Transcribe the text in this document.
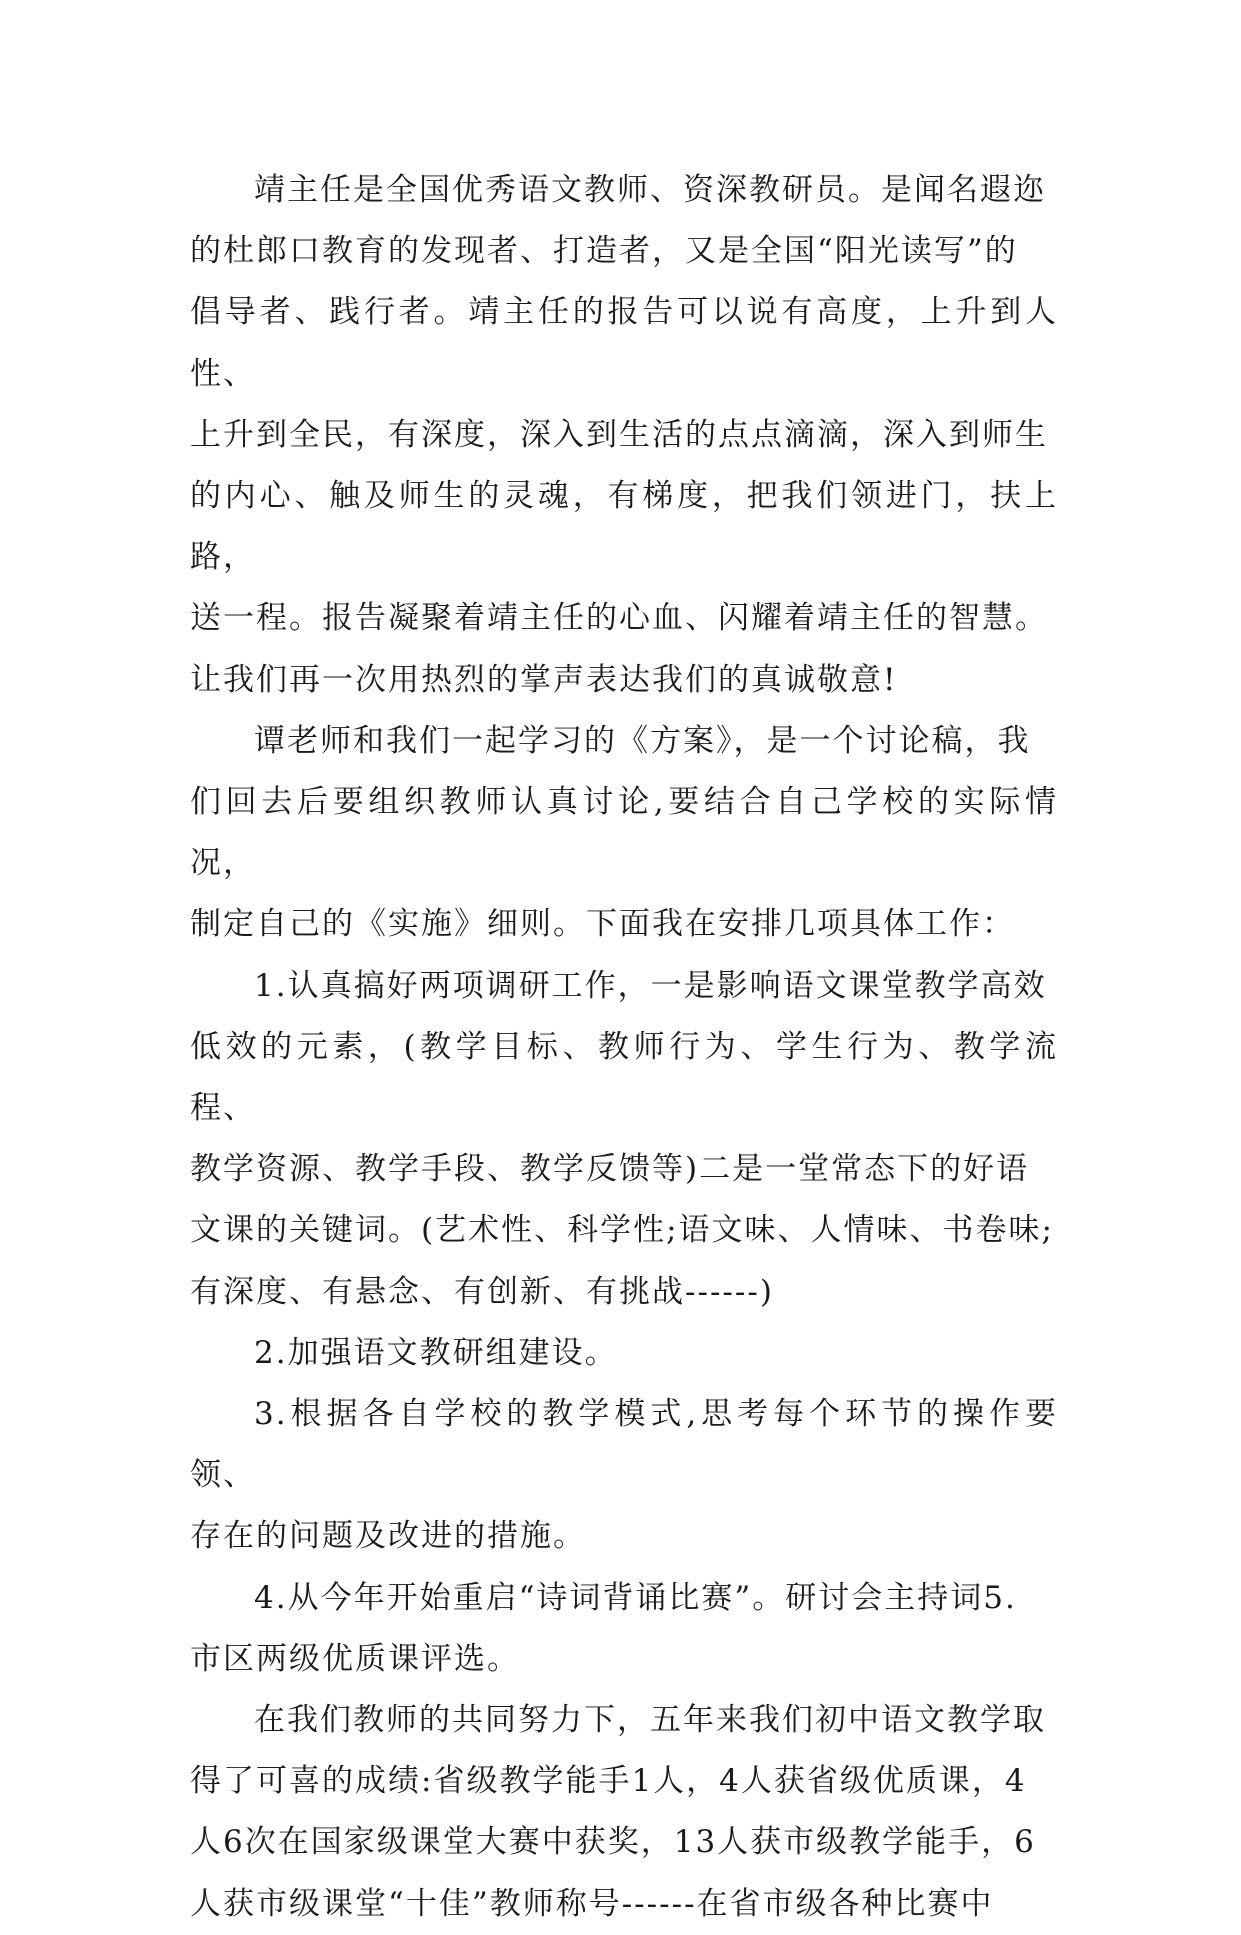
靖主任是全国优秀语文教师、资深教研员。是闻名遐迩
的杜郎口教育的发现者、打造者，又是全国“阳光读写”的
倡导者、践行者。靖主任的报告可以说有高度，上升到人性、
上升到全民，有深度，深入到生活的点点滴滴，深入到师生
的内心、触及师生的灵魂，有梯度，把我们领进门，扶上路，
送一程。报告凝聚着靖主任的心血、闪耀着靖主任的智慧。
让我们再一次用热烈的掌声表达我们的真诚敬意!

谭老师和我们一起学习的《方案》，是一个讨论稿，我
们回去后要组织教师认真讨论,要结合自己学校的实际情况，
制定自己的《实施》细则。下面我在安排几项具体工作：

1.认真搞好两项调研工作，一是影响语文课堂教学高效
低效的元素，(教学目标、教师行为、学生行为、教学流程、
教学资源、教学手段、教学反馈等)二是一堂常态下的好语
文课的关键词。(艺术性、科学性;语文味、人情味、书卷味;
有深度、有悬念、有创新、有挑战------)

2.加强语文教研组建设。

3.根据各自学校的教学模式,思考每个环节的操作要领、
存在的问题及改进的措施。

4.从今年开始重启“诗词背诵比赛”。研讨会主持词5.
市区两级优质课评选。

在我们教师的共同努力下，五年来我们初中语文教学取
得了可喜的成绩:省级教学能手1人，4人获省级优质课，4
人6次在国家级课堂大赛中获奖，13人获市级教学能手，6
人获市级课堂“十佳”教师称号------在省市级各种比赛中
